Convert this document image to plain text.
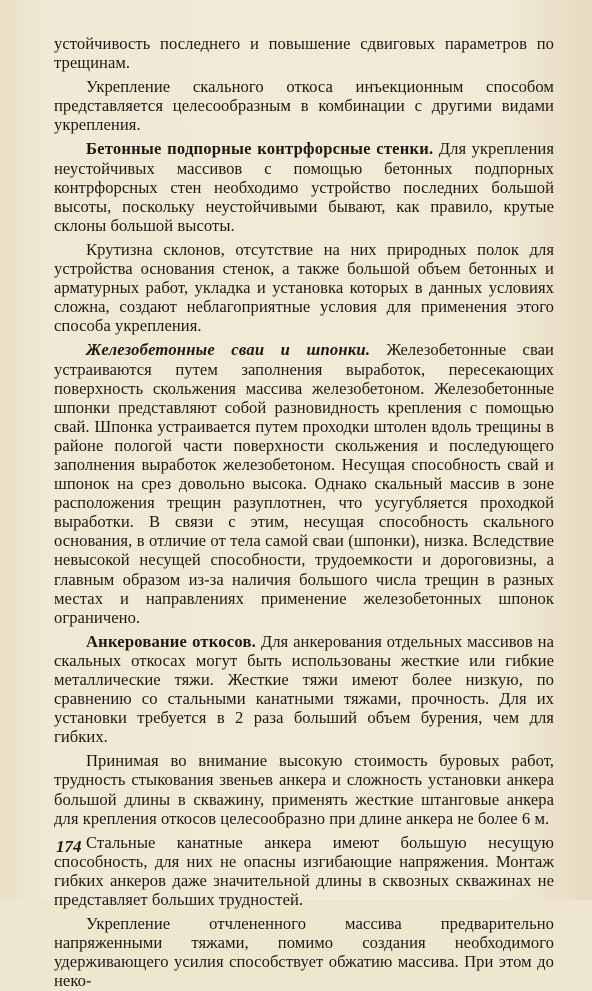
устойчивость последнего и повышение сдвиговых параметров по трещинам.

Укрепление скального откоса инъекционным способом представляется целесообразным в комбинации с другими видами укрепления.

Бетонные подпорные контрфорсные стенки. Для укрепления неустойчивых массивов с помощью бетонных подпорных контрфорсных стен необходимо устройство последних большой высоты, поскольку неустойчивыми бывают, как правило, крутые склоны большой высоты.

Крутизна склонов, отсутствие на них природных полок для устройства основания стенок, а также большой объем бетонных и арматурных работ, укладка и установка которых в данных условиях сложна, создают неблагоприятные условия для применения этого способа укрепления.

Железобетонные сваи и шпонки. Железобетонные сваи устраиваются путем заполнения выработок, пересекающих поверхность скольжения массива железобетоном. Железобетонные шпонки представляют собой разновидность крепления с помощью свай. Шпонка устраивается путем проходки штолен вдоль трещины в районе пологой части поверхности скольжения и последующего заполнения выработок железобетоном. Несущая способность свай и шпонок на срез довольно высока. Однако скальный массив в зоне расположения трещин разуплотнен, что усугубляется проходкой выработки. В связи с этим, несущая способность скального основания, в отличие от тела самой сваи (шпонки), низка. Вследствие невысокой несущей способности, трудоемкости и дороговизны, а главным образом из-за наличия большого числа трещин в разных местах и направлениях применение железобетонных шпонок ограничено.

Анкерование откосов. Для анкерования отдельных массивов на скальных откосах могут быть использованы жесткие или гибкие металлические тяжи. Жесткие тяжи имеют более низкую, по сравнению со стальными канатными тяжами, прочность. Для их установки требуется в 2 раза больший объем бурения, чем для гибких.

Принимая во внимание высокую стоимость буровых работ, трудность стыкования звеньев анкера и сложность установки анкера большой длины в скважину, применять жесткие штанговые анкера для крепления откосов целесообразно при длине анкера не более 6 м.

Стальные канатные анкера имеют большую несущую способность, для них не опасны изгибающие напряжения. Монтаж гибких анкеров даже значительной длины в сквозных скважинах не представляет больших трудностей.

Укрепление отчлененного массива предварительно напряженными тяжами, помимо создания необходимого удерживающего усилия способствует обжатию массива. При этом до неко-

174
